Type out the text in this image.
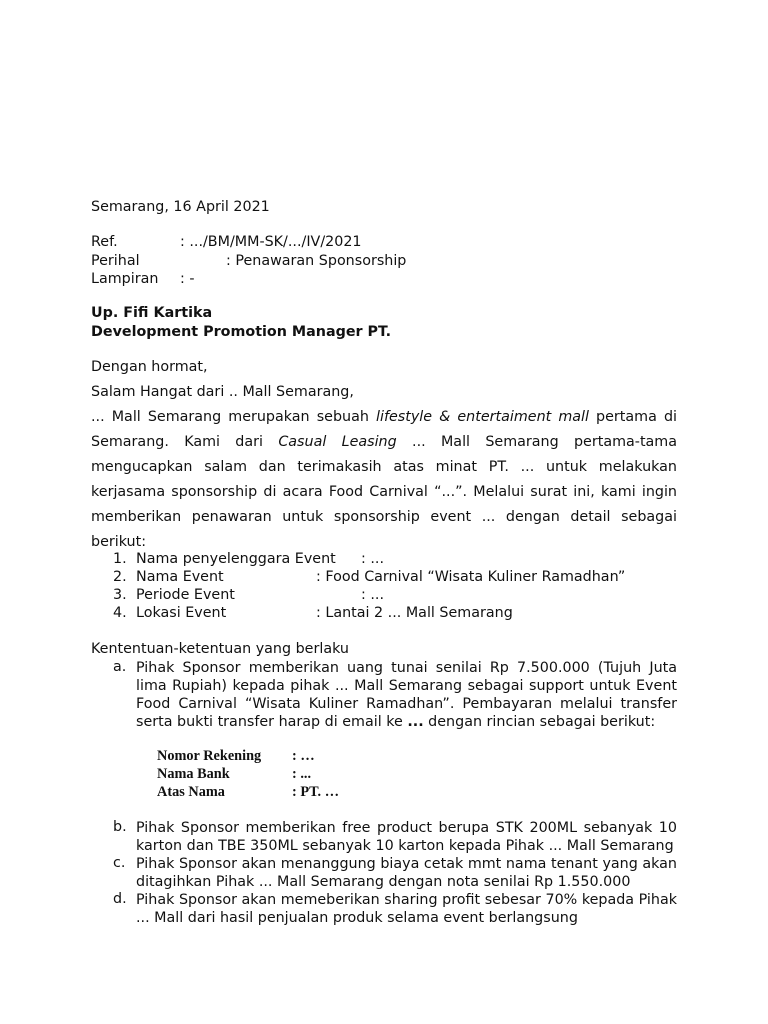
Semarang, 16 April 2021
Ref.	: .../BM/MM-SK/.../IV/2021
Perihal	: Penawaran Sponsorship
Lampiran : -
Up. Fifi Kartika
Development Promotion Manager PT.
Dengan hormat,
Salam Hangat dari .. Mall Semarang,
... Mall Semarang merupakan sebuah lifestyle & entertaiment mall pertama di Semarang. Kami dari Casual Leasing ... Mall Semarang pertama-tama mengucapkan salam dan terimakasih atas minat PT. ... untuk melakukan kerjasama sponsorship di acara Food Carnival “...”. Melalui surat ini, kami ingin memberikan penawaran untuk sponsorship event ... dengan detail sebagai berikut:
1. Nama penyelenggara Event : ...
2. Nama Event	: Food Carnival “Wisata Kuliner Ramadhan”
3. Periode Event	: ...
4. Lokasi Event	: Lantai 2 ... Mall Semarang
Kententuan-ketentuan yang berlaku
a. Pihak Sponsor memberikan uang tunai senilai Rp 7.500.000 (Tujuh Juta lima Rupiah) kepada pihak ... Mall Semarang sebagai support untuk Event Food Carnival “Wisata Kuliner Ramadhan”. Pembayaran melalui transfer serta bukti transfer harap di email ke ... dengan rincian sebagai berikut:
Nomor Rekening : …
Nama Bank	: ...
Atas Nama	: PT. …
b. Pihak Sponsor memberikan free product berupa STK 200ML sebanyak 10 karton dan TBE 350ML sebanyak 10 karton kepada Pihak ... Mall Semarang
c. Pihak Sponsor akan menanggung biaya cetak mmt nama tenant yang akan ditagihkan Pihak ... Mall Semarang dengan nota senilai Rp 1.550.000
d. Pihak Sponsor akan memeberikan sharing profit sebesar 70% kepada Pihak ... Mall dari hasil penjualan produk selama event berlangsung
